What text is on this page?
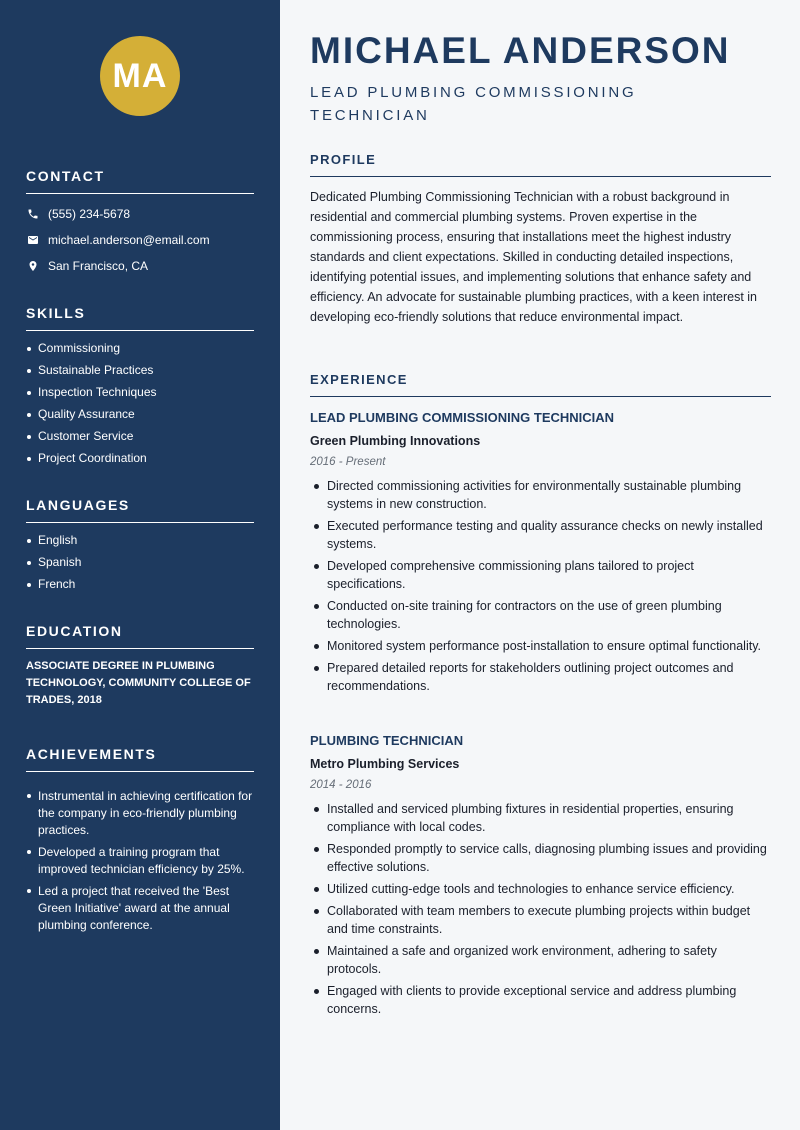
MA
CONTACT
(555) 234-5678
michael.anderson@email.com
San Francisco, CA
SKILLS
Commissioning
Sustainable Practices
Inspection Techniques
Quality Assurance
Customer Service
Project Coordination
LANGUAGES
English
Spanish
French
EDUCATION

ASSOCIATE DEGREE IN PLUMBING TECHNOLOGY, COMMUNITY COLLEGE OF TRADES, 2018

ACHIEVEMENTS
Instrumental in achieving certification for the company in eco-friendly plumbing practices.
Developed a training program that improved technician efficiency by 25%.
Led a project that received the 'Best Green Initiative' award at the annual plumbing conference.
MICHAEL ANDERSON

LEAD PLUMBING COMMISSIONING TECHNICIAN

PROFILE

Dedicated Plumbing Commissioning Technician with a robust background in residential and commercial plumbing systems. Proven expertise in the commissioning process, ensuring that installations meet the highest industry standards and client expectations. Skilled in conducting detailed inspections, identifying potential issues, and implementing solutions that enhance safety and efficiency. An advocate for sustainable plumbing practices, with a keen interest in developing eco-friendly solutions that reduce environmental impact.

EXPERIENCE
LEAD PLUMBING COMMISSIONING TECHNICIAN

Green Plumbing Innovations

2016 - Present

Directed commissioning activities for environmentally sustainable plumbing systems in new construction.
Executed performance testing and quality assurance checks on newly installed systems.
Developed comprehensive commissioning plans tailored to project specifications.
Conducted on-site training for contractors on the use of green plumbing technologies.
Monitored system performance post-installation to ensure optimal functionality.
Prepared detailed reports for stakeholders outlining project outcomes and recommendations.
PLUMBING TECHNICIAN

Metro Plumbing Services

2014 - 2016

Installed and serviced plumbing fixtures in residential properties, ensuring compliance with local codes.
Responded promptly to service calls, diagnosing plumbing issues and providing effective solutions.
Utilized cutting-edge tools and technologies to enhance service efficiency.
Collaborated with team members to execute plumbing projects within budget and time constraints.
Maintained a safe and organized work environment, adhering to safety protocols.
Engaged with clients to provide exceptional service and address plumbing concerns.
